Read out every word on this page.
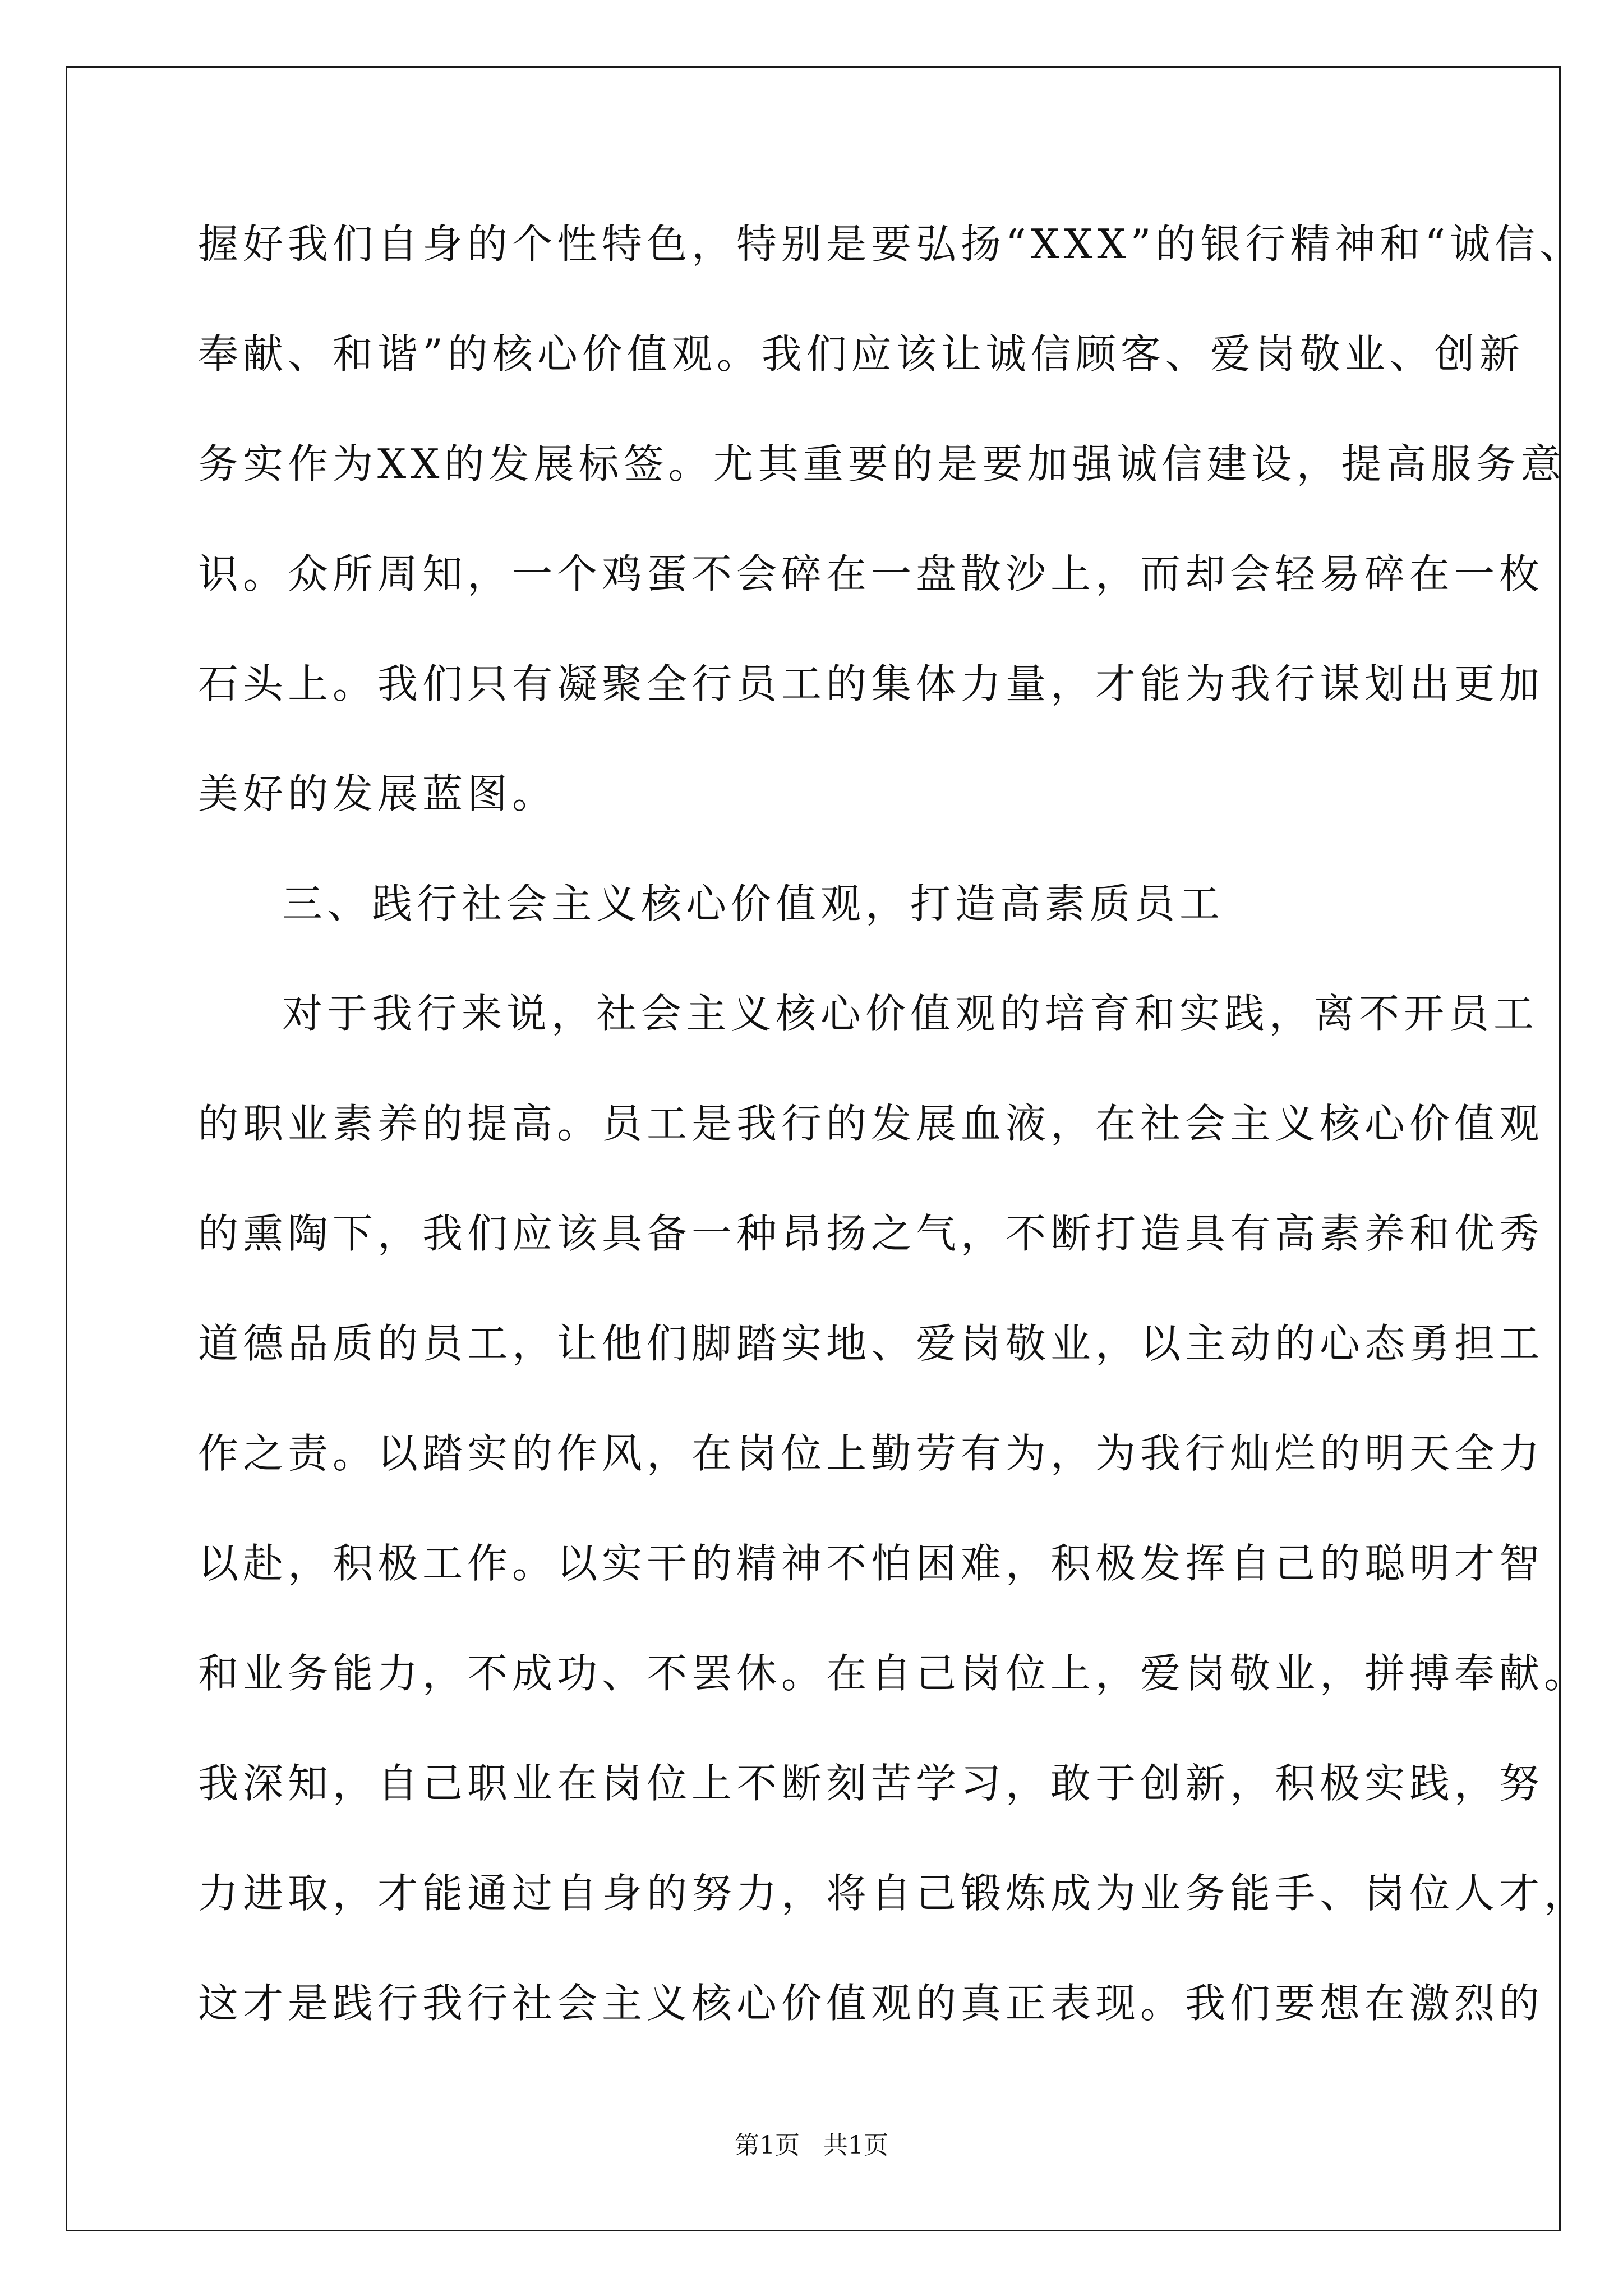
握好我们自身的个性特色，特别是要弘扬“XXX”的银行精神和“诚信、
奉献、和谐”的核心价值观。我们应该让诚信顾客、爱岗敬业、创新
务实作为XX的发展标签。尤其重要的是要加强诚信建设，提高服务意
识。众所周知，一个鸡蛋不会碎在一盘散沙上，而却会轻易碎在一枚
石头上。我们只有凝聚全行员工的集体力量，才能为我行谋划出更加
美好的发展蓝图。
三、践行社会主义核心价值观，打造高素质员工
对于我行来说，社会主义核心价值观的培育和实践，离不开员工
的职业素养的提高。员工是我行的发展血液，在社会主义核心价值观
的熏陶下，我们应该具备一种昂扬之气，不断打造具有高素养和优秀
道德品质的员工，让他们脚踏实地、爱岗敬业，以主动的心态勇担工
作之责。以踏实的作风，在岗位上勤劳有为，为我行灿烂的明天全力
以赴，积极工作。以实干的精神不怕困难，积极发挥自己的聪明才智
和业务能力，不成功、不罢休。在自己岗位上，爱岗敬业，拼搏奉献。
我深知，自己职业在岗位上不断刻苦学习，敢于创新，积极实践，努
力进取，才能通过自身的努力，将自己锻炼成为业务能手、岗位人才，
这才是践行我行社会主义核心价值观的真正表现。我们要想在激烈的
第1页   共1页
